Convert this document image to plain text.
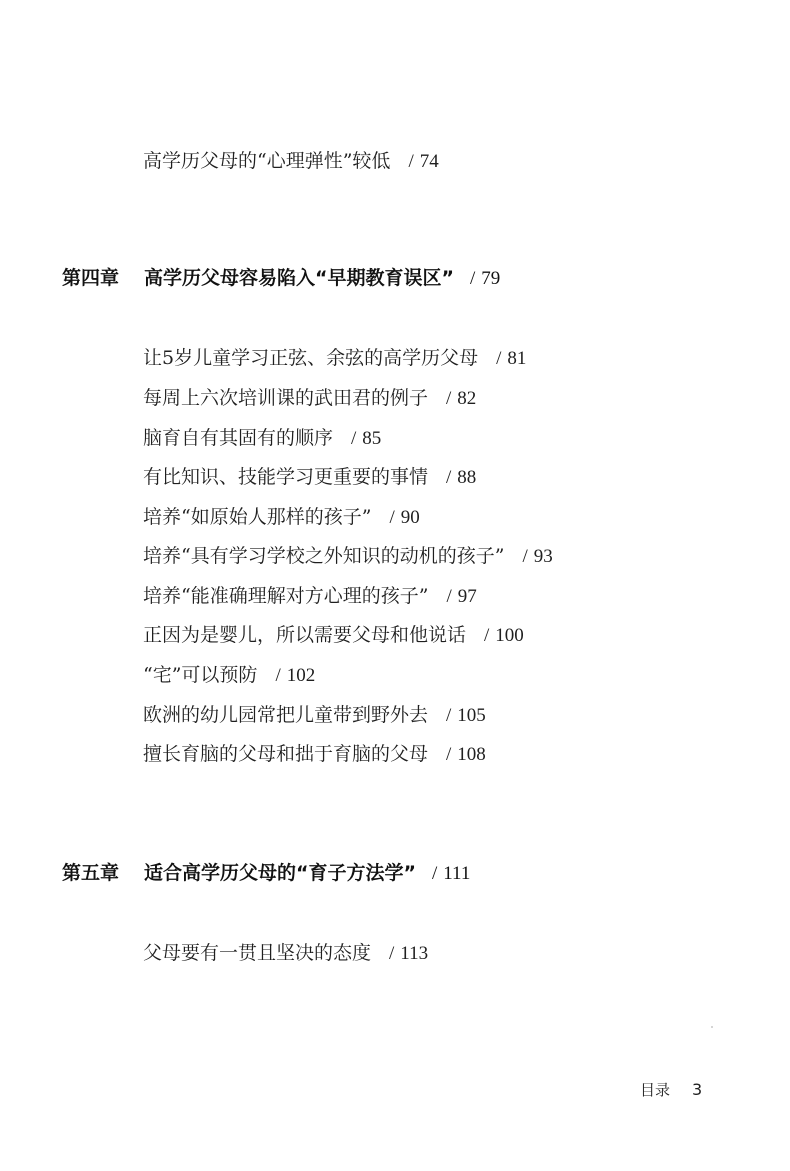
高学历父母的“心理弹性”较低 / 74
第四章 高学历父母容易陷入“早期教育误区” / 79
让5岁儿童学习正弦、余弦的高学历父母 / 81
每周上六次培训课的武田君的例子 / 82
脑育自有其固有的顺序 / 85
有比知识、技能学习更重要的事情 / 88
培养“如原始人那样的孩子” / 90
培养“具有学习学校之外知识的动机的孩子” / 93
培养“能准确理解对方心理的孩子” / 97
正因为是婴儿，所以需要父母和他说话 / 100
“宅”可以预防 / 102
欧洲的幼儿园常把儿童带到野外去 / 105
擅长育脑的父母和拙于育脑的父母 / 108
第五章 适合高学历父母的“育子方法学” / 111
父母要有一贯且坚决的态度 / 113
目录 3
